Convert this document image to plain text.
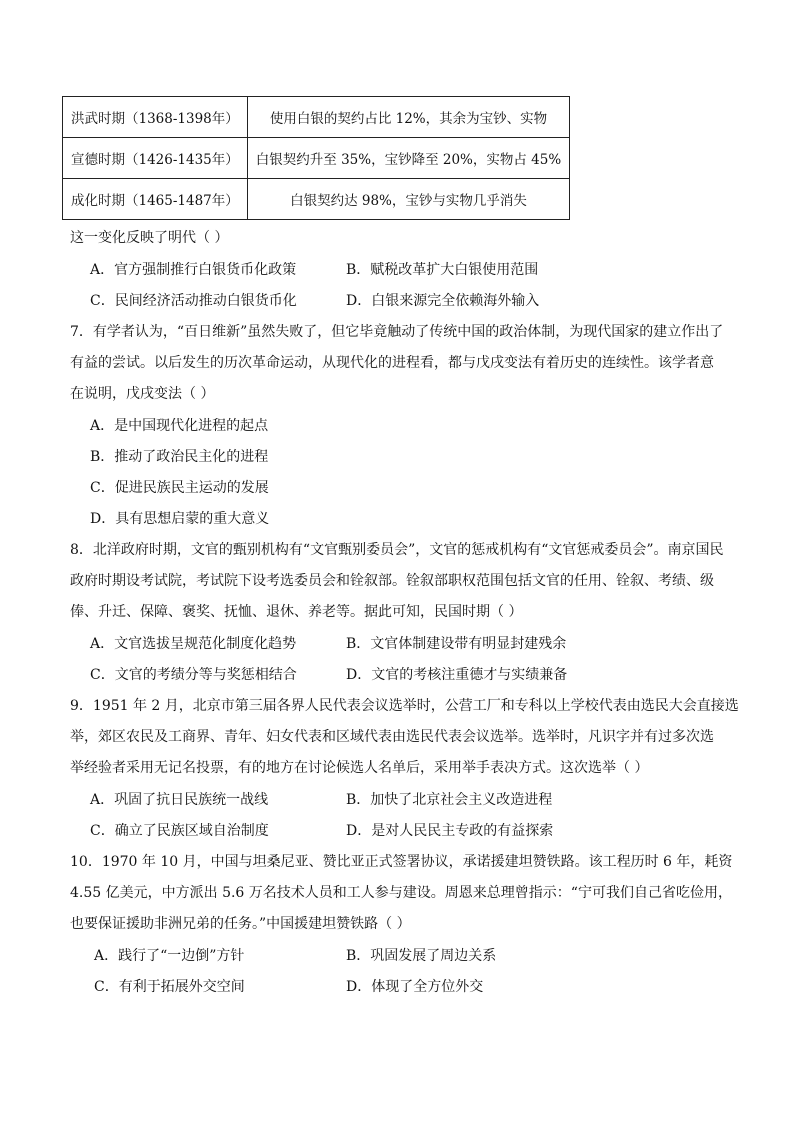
洪武时期（1368-1398年）	使用白银的契约占比 12%，其余为宝钞、实物
宣德时期（1426-1435年）	白银契约升至 35%，宝钞降至 20%，实物占 45%
成化时期（1465-1487年）	白银契约达 98%，宝钞与实物几乎消失
这一变化反映了明代（ ）
A．官方强制推行白银货币化政策	B．赋税改革扩大白银使用范围
C．民间经济活动推动白银货币化	D．白银来源完全依赖海外输入
7．有学者认为，“百日维新”虽然失败了，但它毕竟触动了传统中国的政治体制，为现代国家的建立作出了
有益的尝试。以后发生的历次革命运动，从现代化的进程看，都与戊戌变法有着历史的连续性。该学者意
在说明，戊戌变法（ ）
A．是中国现代化进程的起点
B．推动了政治民主化的进程
C．促进民族民主运动的发展
D．具有思想启蒙的重大意义
8．北洋政府时期，文官的甄别机构有“文官甄别委员会”，文官的惩戒机构有“文官惩戒委员会”。南京国民
政府时期设考试院，考试院下设考选委员会和铨叙部。铨叙部职权范围包括文官的任用、铨叙、考绩、级
俸、升迁、保障、褒奖、抚恤、退休、养老等。据此可知，民国时期（ ）
A．文官选拔呈规范化制度化趋势	B．文官体制建设带有明显封建残余
C．文官的考绩分等与奖惩相结合	D．文官的考核注重德才与实绩兼备
9．1951 年 2 月，北京市第三届各界人民代表会议选举时，公营工厂和专科以上学校代表由选民大会直接选
举，郊区农民及工商界、青年、妇女代表和区域代表由选民代表会议选举。选举时，凡识字并有过多次选
举经验者采用无记名投票，有的地方在讨论候选人名单后，采用举手表决方式。这次选举（ ）
A．巩固了抗日民族统一战线	B．加快了北京社会主义改造进程
C．确立了民族区域自治制度	D．是对人民民主专政的有益探索
10．1970 年 10 月，中国与坦桑尼亚、赞比亚正式签署协议，承诺援建坦赞铁路。该工程历时 6 年，耗资
4.55 亿美元，中方派出 5.6 万名技术人员和工人参与建设。周恩来总理曾指示：“宁可我们自己省吃俭用，
也要保证援助非洲兄弟的任务。”中国援建坦赞铁路（ ）
A．践行了“一边倒”方针	B．巩固发展了周边关系
C．有利于拓展外交空间	D．体现了全方位外交
